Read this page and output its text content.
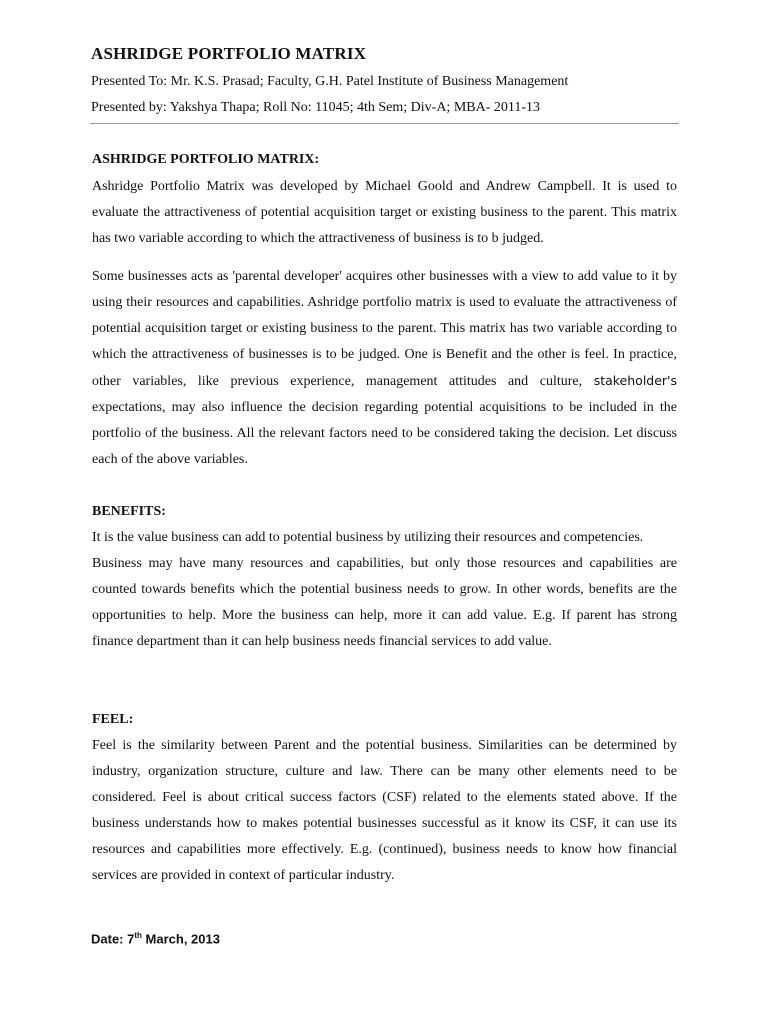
ASHRIDGE PORTFOLIO MATRIX
Presented To: Mr. K.S. Prasad; Faculty, G.H. Patel Institute of Business Management
Presented by: Yakshya Thapa; Roll No: 11045; 4th Sem; Div-A; MBA- 2011-13

ASHRIDGE PORTFOLIO MATRIX:

Ashridge Portfolio Matrix was developed by Michael Goold and Andrew Campbell. It is used to evaluate the attractiveness of potential acquisition target or existing business to the parent. This matrix has two variable according to which the attractiveness of business is to b judged.

Some businesses acts as 'parental developer' acquires other businesses with a view to add value to it by using their resources and capabilities. Ashridge portfolio matrix is used to evaluate the attractiveness of potential acquisition target or existing business to the parent. This matrix has two variable according to which the attractiveness of businesses is to be judged. One is Benefit and the other is feel. In practice, other variables, like previous experience, management attitudes and culture, stakeholder's expectations, may also influence the decision regarding potential acquisitions to be included in the portfolio of the business. All the relevant factors need to be considered taking the decision. Let discuss each of the above variables.

BENEFITS:

It is the value business can add to potential business by utilizing their resources and competencies.

Business may have many resources and capabilities, but only those resources and capabilities are counted towards benefits which the potential business needs to grow. In other words, benefits are the opportunities to help. More the business can help, more it can add value. E.g. If parent has strong finance department than it can help business needs financial services to add value.

FEEL:

Feel is the similarity between Parent and the potential business. Similarities can be determined by industry, organization structure, culture and law. There can be many other elements need to be considered. Feel is about critical success factors (CSF) related to the elements stated above. If the business understands how to makes potential businesses successful as it know its CSF, it can use its resources and capabilities more effectively. E.g. (continued), business needs to know how financial services are provided in context of particular industry.

Date: 7th March, 2013
